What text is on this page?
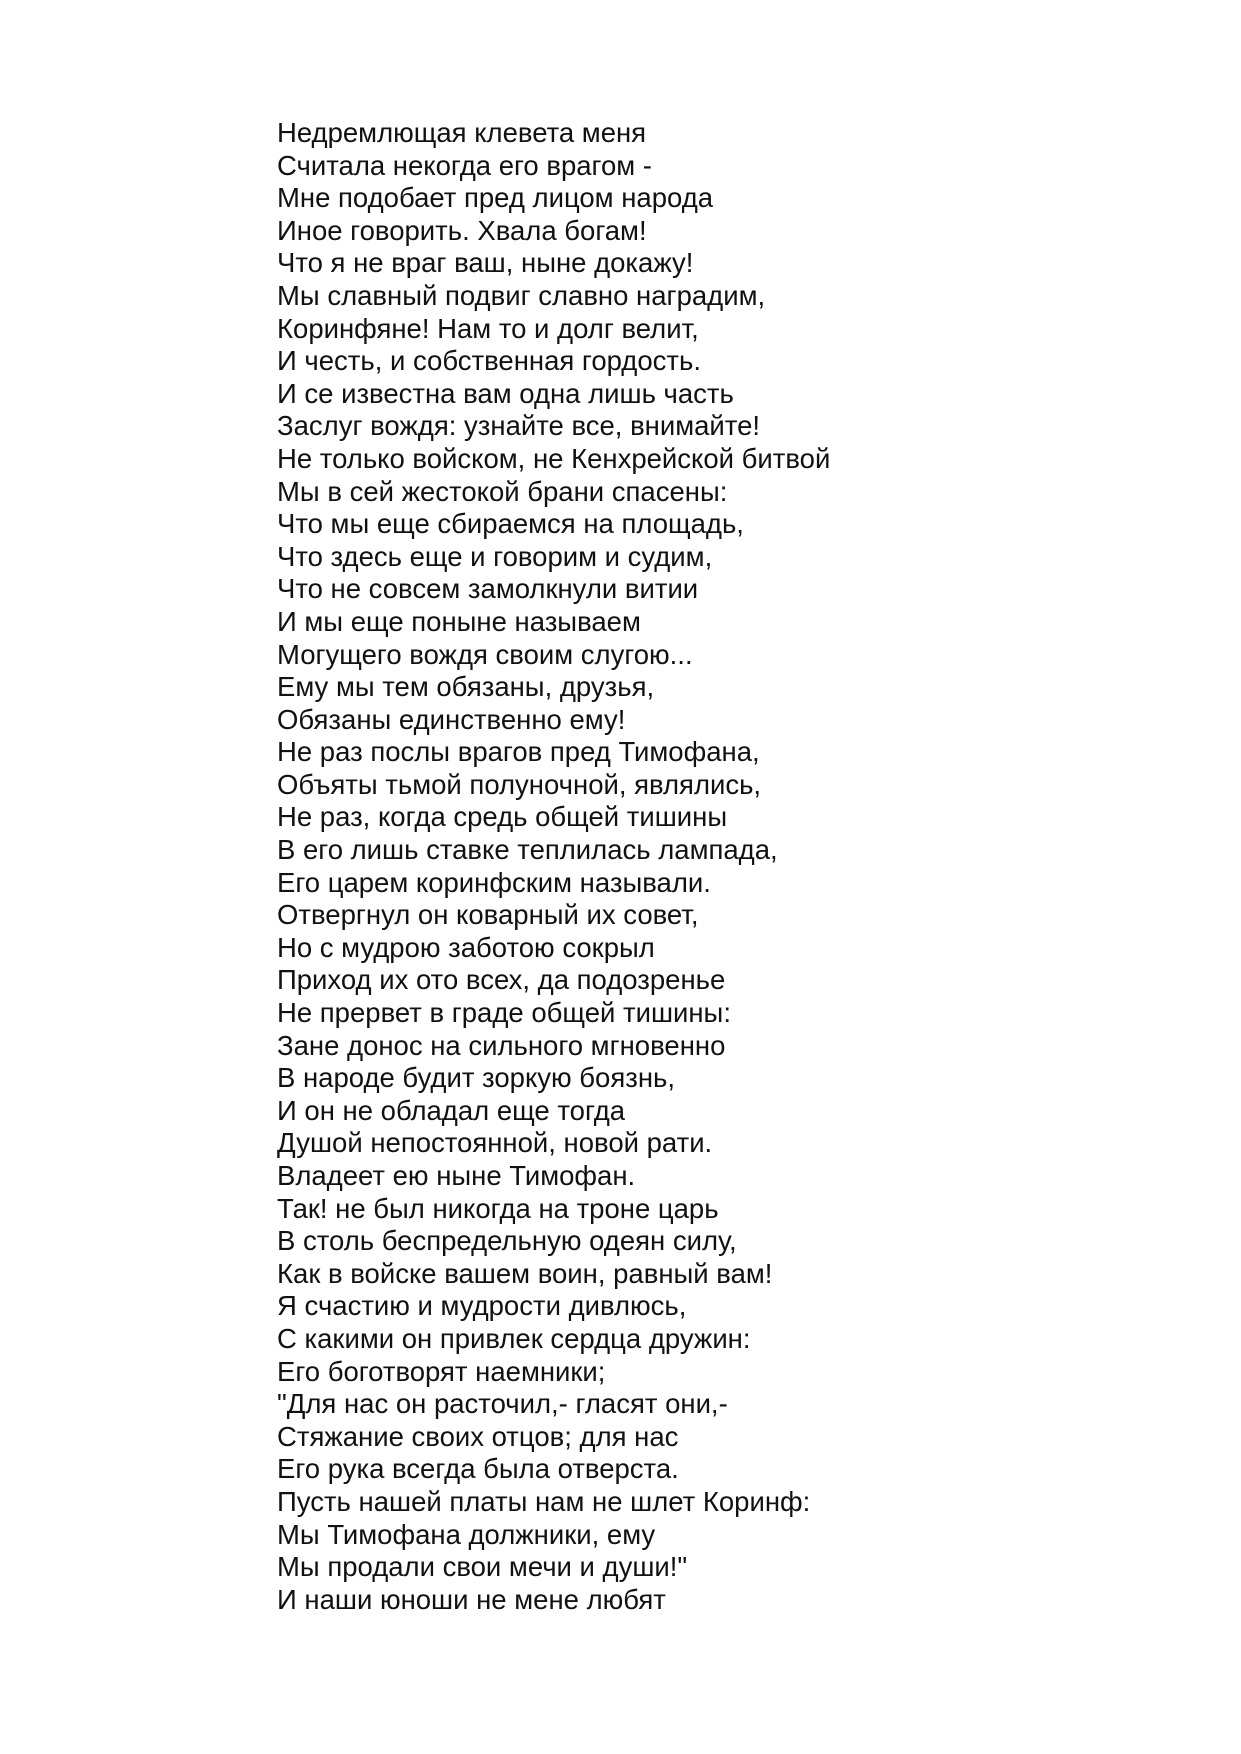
Недремлющая клевета меня
Считала некогда его врагом -
Мне подобает пред лицом народа
Иное говорить. Хвала богам!
Что я не враг ваш, ныне докажу!
Мы славный подвиг славно наградим,
Коринфяне! Нам то и долг велит,
И честь, и собственная гордость.
И се известна вам одна лишь часть
Заслуг вождя: узнайте все, внимайте!
Не только войском, не Кенхрейской битвой
Мы в сей жестокой брани спасены:
Что мы еще сбираемся на площадь,
Что здесь еще и говорим и судим,
Что не совсем замолкнули витии
И мы еще поныне называем
Могущего вождя своим слугою...
Ему мы тем обязаны, друзья,
Обязаны единственно ему!
Не раз послы врагов пред Тимофана,
Объяты тьмой полуночной, являлись,
Не раз, когда средь общей тишины
В его лишь ставке теплилась лампада,
Его царем коринфским называли.
Отвергнул он коварный их совет,
Но с мудрою заботою сокрыл
Приход их ото всех, да подозренье
Не прервет в граде общей тишины:
Зане донос на сильного мгновенно
В народе будит зоркую боязнь,
И он не обладал еще тогда
Душой непостоянной, новой рати.
Владеет ею ныне Тимофан.
Так! не был никогда на троне царь
В столь беспредельную одеян силу,
Как в войске вашем воин, равный вам!
Я счастию и мудрости дивлюсь,
С какими он привлек сердца дружин:
Его боготворят наемники;
"Для нас он расточил,- гласят они,-
Стяжание своих отцов; для нас
Его рука всегда была отверста.
Пусть нашей платы нам не шлет Коринф:
Мы Тимофана должники, ему
Мы продали свои мечи и души!"
И наши юноши не мене любят
